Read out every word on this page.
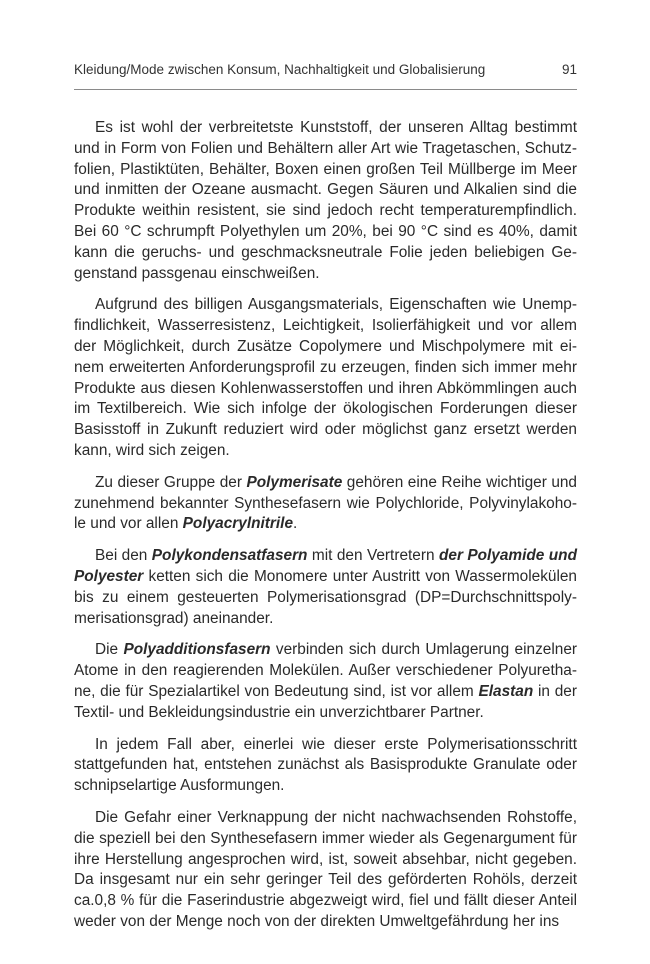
Kleidung/Mode zwischen Konsum, Nachhaltigkeit und Globalisierung	91

Es ist wohl der verbreitetste Kunststoff, der unseren Alltag bestimmt und in Form von Folien und Behältern aller Art wie Tragetaschen, Schutzfolien, Plastiktüten, Behälter, Boxen einen großen Teil Müllberge im Meer und inmitten der Ozeane ausmacht. Gegen Säuren und Alkalien sind die Produkte weithin resistent, sie sind jedoch recht temperaturempfindlich. Bei 60 °C schrumpft Polyethylen um 20%, bei 90 °C sind es 40%, damit kann die geruchs- und geschmacksneutrale Folie jeden beliebigen Gegenstand passgenau einschweißen.

Aufgrund des billigen Ausgangsmaterials, Eigenschaften wie Unempfindlichkeit, Wasserresistenz, Leichtigkeit, Isolierfähigkeit und vor allem der Möglichkeit, durch Zusätze Copolymere und Mischpolymere mit einem erweiterten Anforderungsprofil zu erzeugen, finden sich immer mehr Produkte aus diesen Kohlenwasserstoffen und ihren Abkömmlingen auch im Textilbereich. Wie sich infolge der ökologischen Forderungen dieser Basisstoff in Zukunft reduziert wird oder möglichst ganz ersetzt werden kann, wird sich zeigen.

Zu dieser Gruppe der Polymerisate gehören eine Reihe wichtiger und zunehmend bekannter Synthesefasern wie Polychloride, Polyvinylakohole und vor allen Polyacrylnitrile.

Bei den Polykondensatfasern mit den Vertretern der Polyamide und Polyester ketten sich die Monomere unter Austritt von Wassermolekülen bis zu einem gesteuerten Polymerisationsgrad (DP=Durchschnittspolymerisationsgrad) aneinander.

Die Polyadditionsfasern verbinden sich durch Umlagerung einzelner Atome in den reagierenden Molekülen. Außer verschiedener Polyurethane, die für Spezialartikel von Bedeutung sind, ist vor allem Elastan in der Textil- und Bekleidungsindustrie ein unverzichtbarer Partner.

In jedem Fall aber, einerlei wie dieser erste Polymerisationsschritt stattgefunden hat, entstehen zunächst als Basisprodukte Granulate oder schnipselartige Ausformungen.

Die Gefahr einer Verknappung der nicht nachwachsenden Rohstoffe, die speziell bei den Synthesefasern immer wieder als Gegenargument für ihre Herstellung angesprochen wird, ist, soweit absehbar, nicht gegeben. Da insgesamt nur ein sehr geringer Teil des geförderten Rohöls, derzeit ca.0,8 % für die Faserindustrie abgezweigt wird, fiel und fällt dieser Anteil weder von der Menge noch von der direkten Umweltgefährdung her ins
